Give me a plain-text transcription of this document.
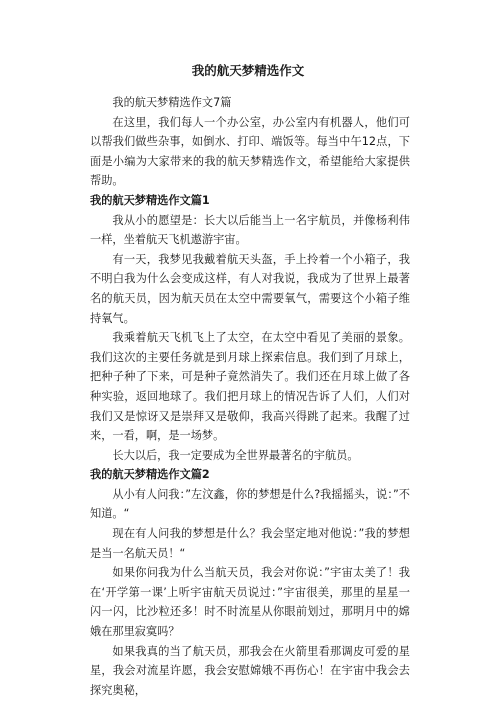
我的航天梦精选作文

我的航天梦精选作文7篇

在这里，我们每人一个办公室，办公室内有机器人，他们可以帮我们做些杂事，如倒水、打印、端饭等。每当中午12点，下面是小编为大家带来的我的航天梦精选作文，希望能给大家提供帮助。

我的航天梦精选作文篇1

我从小的愿望是：长大以后能当上一名宇航员，并像杨利伟一样，坐着航天飞机遨游宇宙。

有一天，我梦见我戴着航天头盔，手上拎着一个小箱子，我不明白我为什么会变成这样，有人对我说，我成为了世界上最著名的航天员，因为航天员在太空中需要氧气，需要这个小箱子维持氧气。

我乘着航天飞机飞上了太空，在太空中看见了美丽的景象。我们这次的主要任务就是到月球上探索信息。我们到了月球上，把种子种了下来，可是种子竟然消失了。我们还在月球上做了各种实验，返回地球了。我们把月球上的情况告诉了人们，人们对我们又是惊讶又是崇拜又是敬仰，我高兴得跳了起来。我醒了过来，一看，啊，是一场梦。

长大以后，我一定要成为全世界最著名的宇航员。

我的航天梦精选作文篇2

从小有人问我：”左汶鑫，你的梦想是什么?我摇摇头，说：”不知道。“

现在有人问我的梦想是什么？我会坚定地对他说：”我的梦想是当一名航天员！“

如果你问我为什么当航天员，我会对你说：”宇宙太美了！我在‘开学第一课’上听宇宙航天员说过：”宇宙很美，那里的星星一闪一闪，比沙粒还多！时不时流星从你眼前划过，那明月中的嫦娥在那里寂寞吗？

如果我真的当了航天员，那我会在火箭里看那调皮可爱的星星，我会对流星许愿，我会安慰嫦娥不再伤心！在宇宙中我会去探究奥秘，
